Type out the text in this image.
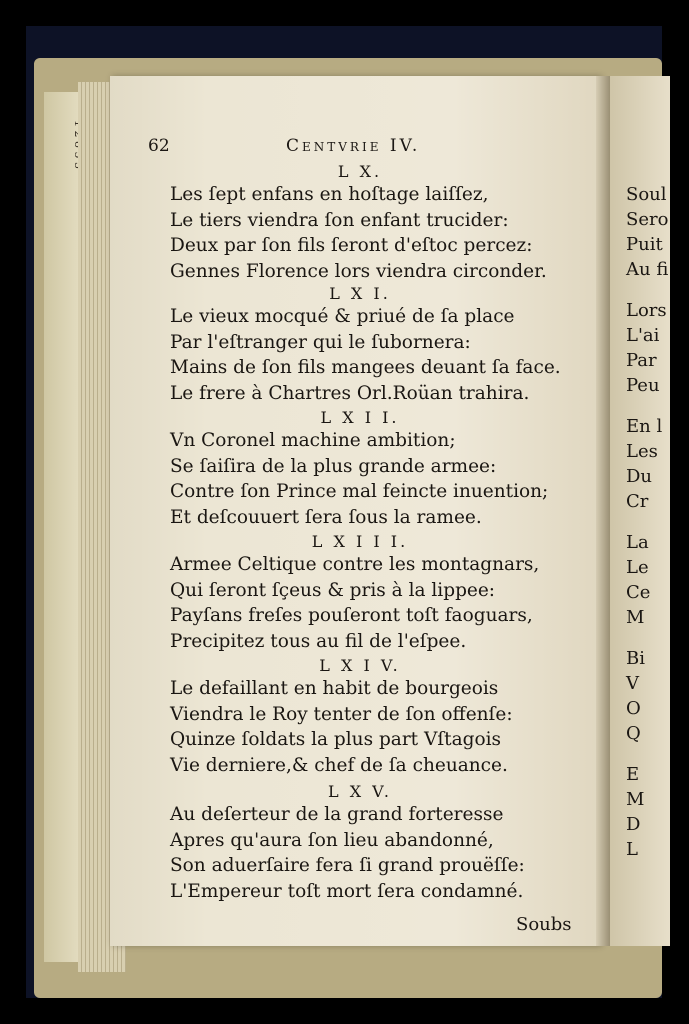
62	Centvrie IV.
L X.
Les ſept enfans en hoſtage laiſſez,
Le tiers viendra ſon enfant trucider:
Deux par ſon fils ſeront d'eſtoc percez:
Gennes Florence lors viendra circonder.
L X I.
Le vieux mocqué & priué de ſa place
Par l'eſtranger qui le ſubornera:
Mains de ſon fils mangees deuant ſa face.
Le frere à Chartres Orl.Roüan trahira.
L X I I.
Vn Coronel machine ambition;
Se ſaiſira de la plus grande armee:
Contre ſon Prince mal feincte inuention;
Et deſcouuert ſera ſous la ramee.
L X I I I.
Armee Celtique contre les montagnars,
Qui ſeront ſçeus & pris à la lippee:
Payſans freſes pouſeront toſt faoguars,
Precipitez tous au fil de l'eſpee.
L X I V.
Le defaillant en habit de bourgeois
Viendra le Roy tenter de ſon offenſe:
Quinze ſoldats la plus part Vſtagois
Vie derniere,& chef de ſa cheuance.
L X V.
Au deſerteur de la grand forteresse
Apres qu'aura ſon lieu abandonné,
Son aduerſaire fera ſi grand prouëſſe:
L'Empereur toſt mort ſera condamné.
Soubs
Soul
Sero
Puit
Au fi
Lors
L'ai
Par
Peu
En l
Les
Du
Cr
La
Le
Ce
M
Bi
V
O
Q
E
M
D
L
